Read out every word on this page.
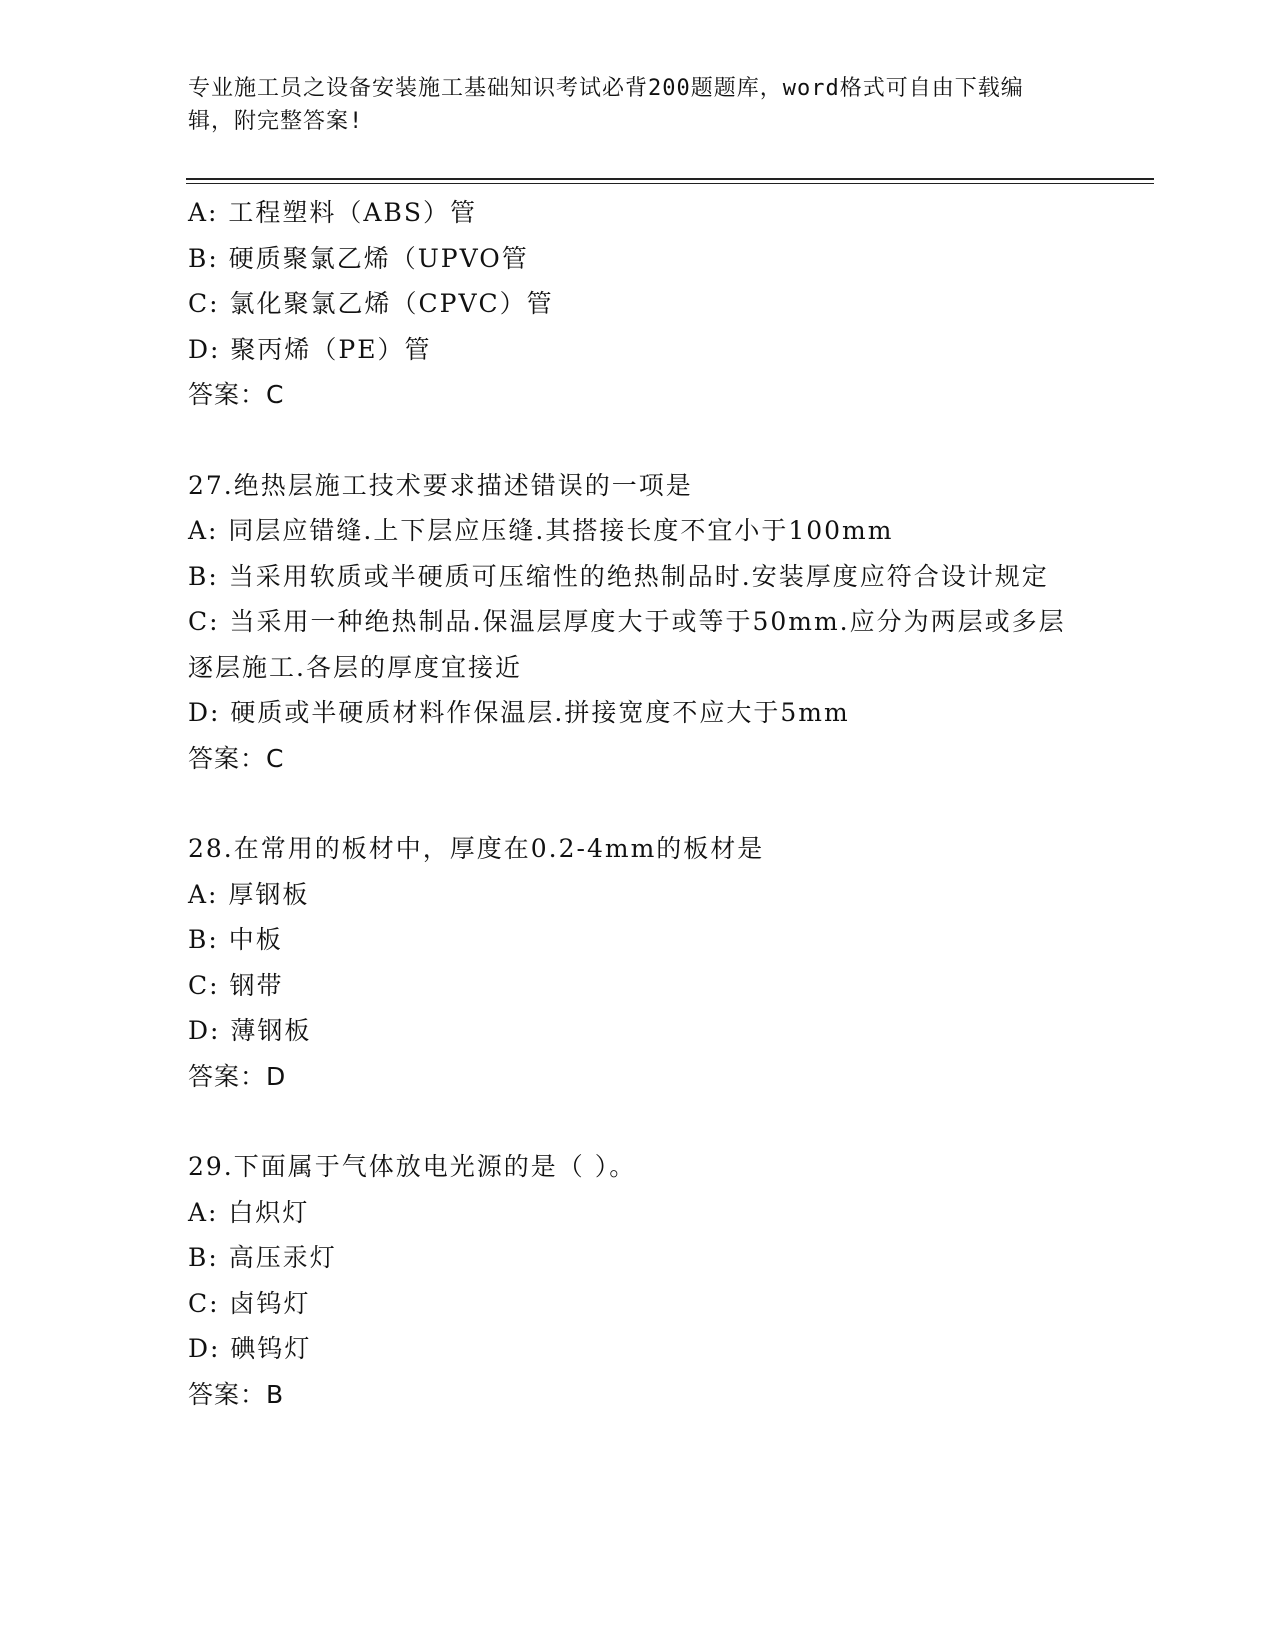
专业施工员之设备安装施工基础知识考试必背200题题库，word格式可自由下载编辑，附完整答案!
A: 工程塑料（ABS）管
B: 硬质聚氯乙烯（UPVO管
C: 氯化聚氯乙烯（CPVC）管
D: 聚丙烯（PE）管
答案：C
27.绝热层施工技术要求描述错误的一项是
A: 同层应错缝.上下层应压缝.其搭接长度不宜小于100mm
B: 当采用软质或半硬质可压缩性的绝热制品时.安装厚度应符合设计规定
C: 当采用一种绝热制品.保温层厚度大于或等于50mm.应分为两层或多层逐层施工.各层的厚度宜接近
D: 硬质或半硬质材料作保温层.拼接宽度不应大于5mm
答案：C
28.在常用的板材中，厚度在0.2-4mm的板材是
A: 厚钢板
B: 中板
C: 钢带
D: 薄钢板
答案：D
29.下面属于气体放电光源的是（ ）。
A: 白炽灯
B: 高压汞灯
C: 卤钨灯
D: 碘钨灯
答案：B
